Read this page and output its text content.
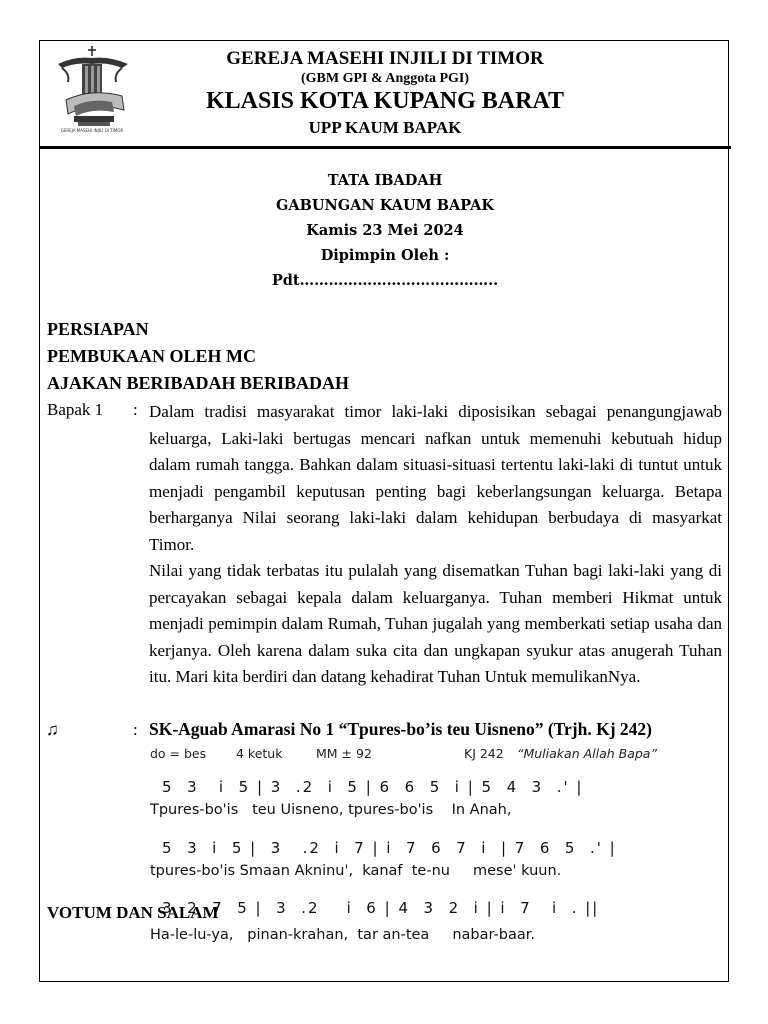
GEREJA MASEHI INJILI DI TIMOR
GEREJA MASEHI INJILI DI TIMOR
(GBM GPI & Anggota PGI)
KLASIS KOTA KUPANG BARAT
UPP KAUM BAPAK
TATA IBADAH
GABUNGAN KAUM BAPAK
Kamis 23 Mei 2024
Dipimpin Oleh :
Pdt…………………………………..
PERSIAPAN
PEMBUKAAN OLEH MC
AJAKAN BERIBADAH BERIBADAH
Bapak 1 : Dalam tradisi masyarakat timor laki-laki diposisikan sebagai penangungjawab keluarga, Laki-laki bertugas mencari nafkan untuk memenuhi kebutuah hidup dalam rumah tangga. Bahkan dalam situasi-situasi tertentu laki-laki di tuntut untuk menjadi pengambil keputusan penting bagi keberlangsungan keluarga. Betapa berharganya Nilai seorang laki-laki dalam kehidupan berbudaya di masyarkat Timor.
Nilai yang tidak terbatas itu pulalah yang disematkan Tuhan bagi laki-laki yang di percayakan sebagai kepala dalam keluarganya. Tuhan memberi Hikmat untuk menjadi pemimpin dalam Rumah, Tuhan jugalah yang memberkati setiap usaha dan kerjanya. Oleh karena dalam suka cita dan ungkapan syukur atas anugerah Tuhan itu. Mari kita berdiri dan datang kehadirat Tuhan Untuk memulikanNya.
♫	: SK-Aguab Amarasi No 1 “Tpures-bo’is teu Uisneno” (Trjh. Kj 242)
do = bes 4 ketuk	MM ± 92	KJ 242 “Muliakan Allah Bapa”
5  3   i  5 | 3  .2  i  5 | 6  6  5  i | 5  4  3  .' |
Tpures-bo'is   teu Uisneno, tpures-bo'is    In Anah,
5  3  i  5 |  3   .2  i  7 | i  7  6  7  i  | 7  6  5  .' |
tpures-bo'is Smaan Akninu',  kanaf  te-nu     mese' kuun.
3  2  7  5 |  3  .2    i  6 | 4  3  2  i | i  7   i  . ||
Ha-le-lu-ya,   pinan-krahan,  tar an-tea     nabar-baar.
VOTUM DAN SALAM
